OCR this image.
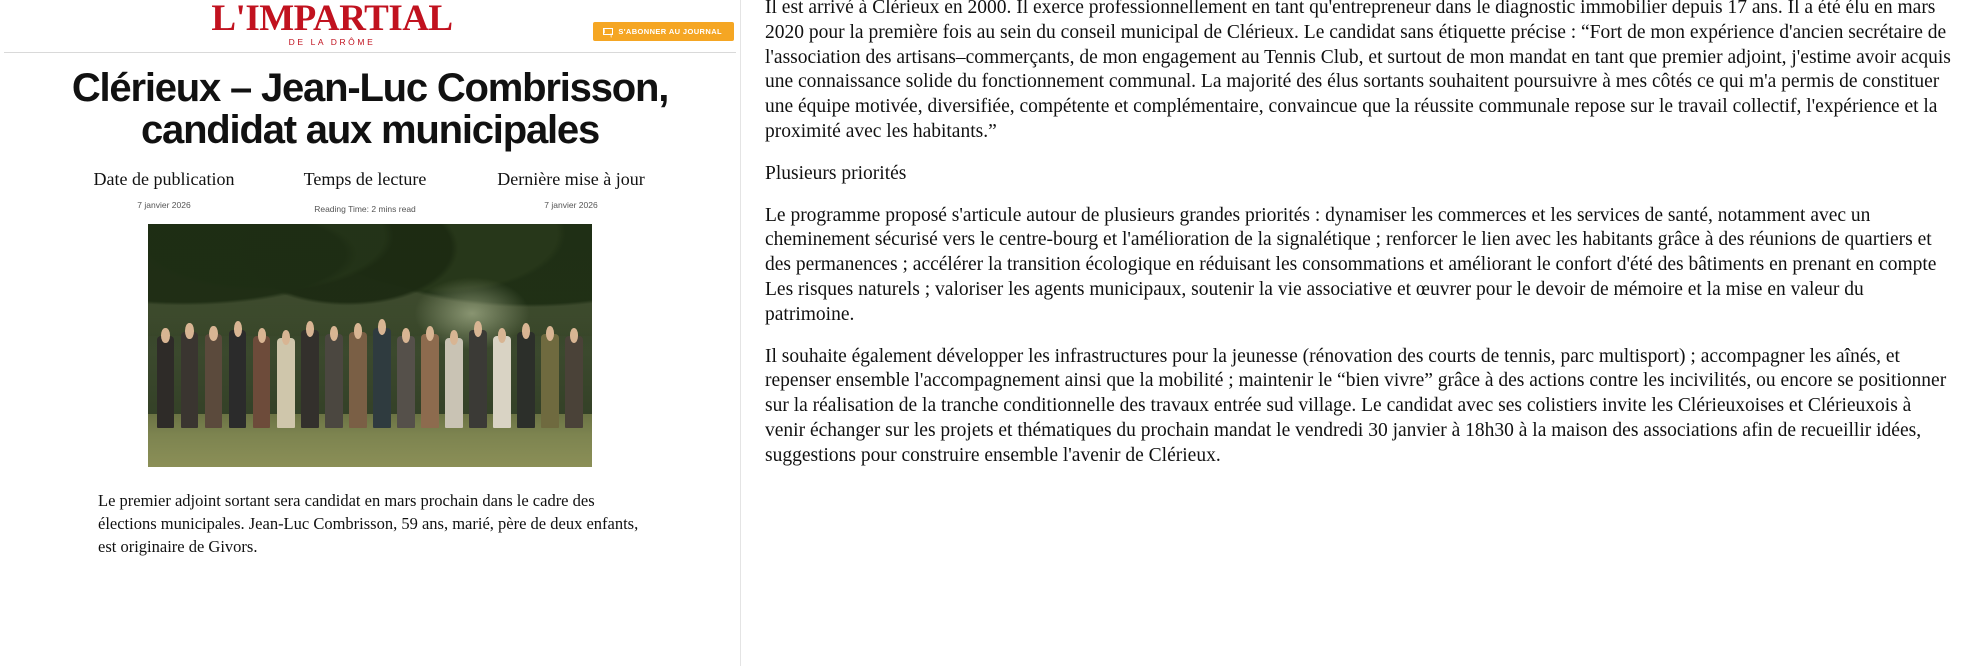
L'IMPARTIAL
DE LA DRÔME
S'ABONNER AU JOURNAL
Clérieux – Jean-Luc Combrisson, candidat aux municipales
Date de publication
7 janvier 2026
Temps de lecture
Reading Time: 2 mins read
Dernière mise à jour
7 janvier 2026
Le premier adjoint sortant sera candidat en mars prochain dans le cadre des élections municipales. Jean-Luc Combrisson, 59 ans, marié, père de deux enfants, est originaire de Givors.

Il est arrivé à Clérieux en 2000. Il exerce professionnellement en tant qu'entrepreneur dans le diagnostic immobilier depuis 17 ans. Il a été élu en mars 2020 pour la première fois au sein du conseil municipal de Clérieux. Le candidat sans étiquette précise : “Fort de mon expérience d'ancien secrétaire de l'association des artisans–commerçants, de mon engagement au Tennis Club, et surtout de mon mandat en tant que premier adjoint, j'estime avoir acquis une connaissance solide du fonctionnement communal. La majorité des élus sortants souhaitent poursuivre à mes côtés ce qui m'a permis de constituer une équipe motivée, diversifiée, compétente et complémentaire, convaincue que la réussite communale repose sur le travail collectif, l'expérience et la proximité avec les habitants.”

Plusieurs priorités

Le programme proposé s'articule autour de plusieurs grandes priorités : dynamiser les commerces et les services de santé, notamment avec un cheminement sécurisé vers le centre-bourg et l'amélioration de la signalétique ; renforcer le lien avec les habitants grâce à des réunions de quartiers et des permanences ; accélérer la transition écologique en réduisant les consommations et améliorant le confort d'été des bâtiments en prenant en compte Les risques naturels ; valoriser les agents municipaux, soutenir la vie associative et œuvrer pour le devoir de mémoire et la mise en valeur du patrimoine.

Il souhaite également développer les infrastructures pour la jeunesse (rénovation des courts de tennis, parc multisport) ; accompagner les aînés, et repenser ensemble l'accompagnement ainsi que la mobilité ; maintenir le “bien vivre” grâce à des actions contre les incivilités, ou encore se positionner sur la réalisation de la tranche conditionnelle des travaux entrée sud village. Le candidat avec ses colistiers invite les Clérieuxoises et Clérieuxois à venir échanger sur les projets et thématiques du prochain mandat le vendredi 30 janvier à 18h30 à la maison des associations afin de recueillir idées, suggestions pour construire ensemble l'avenir de Clérieux.
